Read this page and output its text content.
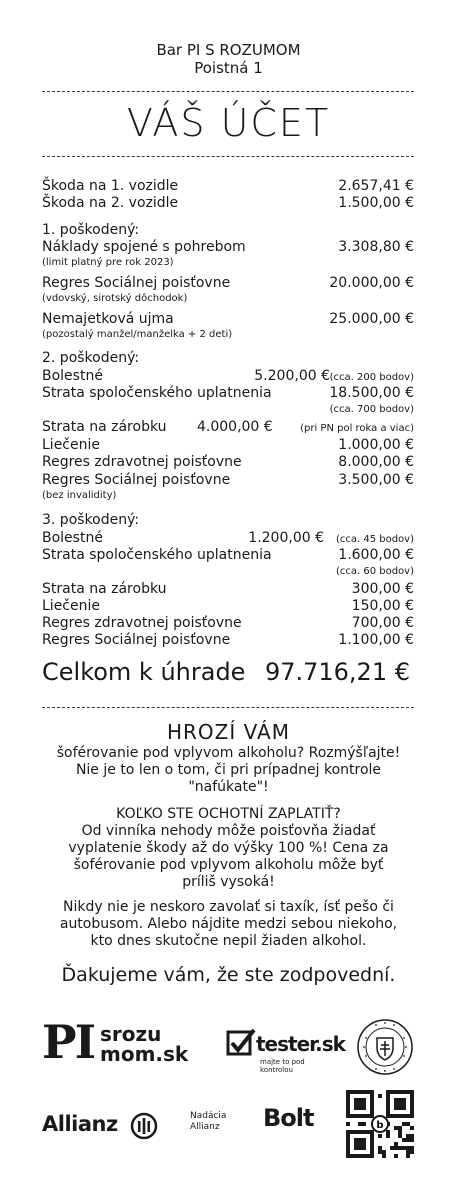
Bar PI S ROZUMOM
Poistná 1
VÁŠ ÚČET
Škoda na 1. vozidle	2.657,41 €
Škoda na 2. vozidle	1.500,00 €
1. poškodený:
Náklady spojené s pohrebom	3.308,80 €
(limit platný pre rok 2023)
Regres Sociálnej poisťovne	20.000,00 €
(vdovský, sirotský dôchodok)
Nemajetková ujma	25.000,00 €
(pozostalý manžel/manželka + 2 deti)
2. poškodený:
Bolestné	5.200,00 € (cca. 200 bodov)
Strata spoločenského uplatnenia	18.500,00 €
(cca. 700 bodov)
Strata na zárobku 4.000,00 €	(pri PN pol roka a viac)
Liečenie	1.000,00 €
Regres zdravotnej poisťovne	8.000,00 €
Regres Sociálnej poisťovne	3.500,00 €
(bez invalidity)
3. poškodený:
Bolestné	1.200,00 € (cca. 45 bodov)
Strata spoločenského uplatnenia	1.600,00 €
(cca. 60 bodov)
Strata na zárobku	300,00 €
Liečenie	150,00 €
Regres zdravotnej poisťovne	700,00 €
Regres Sociálnej poisťovne	1.100,00 €
Celkom k úhrade 97.716,21 €
HROZÍ VÁM
šoférovanie pod vplyvom alkoholu? Rozmýšľajte!
Nie je to len o tom, či pri prípadnej kontrole
"nafúkate"!
KOĽKO STE OCHOTNÍ ZAPLATIŤ?
Od vinníka nehody môže poisťovňa žiadať
vyplatenie škody až do výšky 100 %! Cena za
šoférovanie pod vplyvom alkoholu môže byť
príliš vysoká!
Nikdy nie je neskoro zavolať si taxík, ísť pešo či
autobusom. Alebo nájdite medzi sebou niekoho,
kto dnes skutočne nepil žiaden alkohol.
Ďakujeme vám, že ste zodpovední.
PI srozu
mom.sk	tester.sk
majte to pod kontrolou
Allianz	Nadácia
Allianz	Bolt	b
